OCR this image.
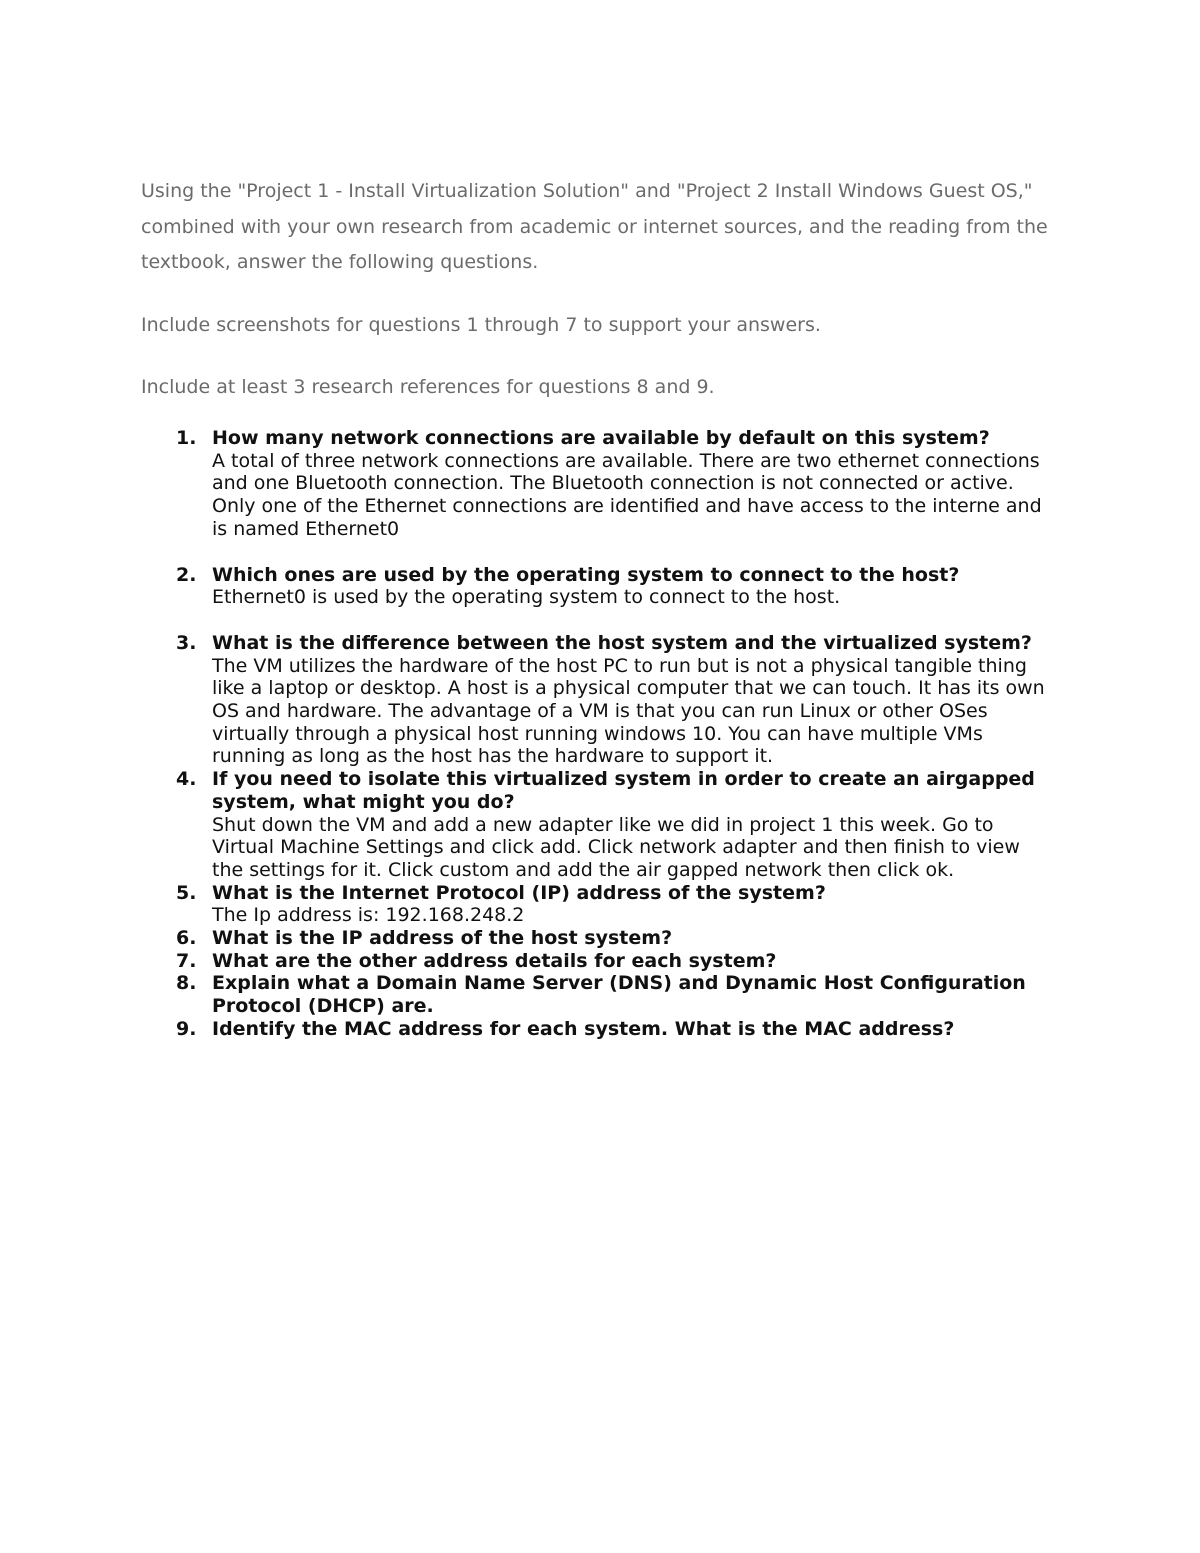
Using the "Project 1 - Install Virtualization Solution" and "Project 2 Install Windows Guest OS," combined with your own research from academic or internet sources, and the reading from the textbook, answer the following questions.

Include screenshots for questions 1 through 7 to support your answers.

Include at least 3 research references for questions 8 and 9.

1. How many network connections are available by default on this system?
A total of three network connections are available. There are two ethernet connections and one Bluetooth connection. The Bluetooth connection is not connected or active. Only one of the Ethernet connections are identified and have access to the interne and is named Ethernet0
2. Which ones are used by the operating system to connect to the host?
Ethernet0 is used by the operating system to connect to the host.
3. What is the difference between the host system and the virtualized system?
The VM utilizes the hardware of the host PC to run but is not a physical tangible thing like a laptop or desktop. A host is a physical computer that we can touch. It has its own OS and hardware. The advantage of a VM is that you can run Linux or other OSes virtually through a physical host running windows 10. You can have multiple VMs running as long as the host has the hardware to support it.
4. If you need to isolate this virtualized system in order to create an airgapped system, what might you do?
Shut down the VM and add a new adapter like we did in project 1 this week. Go to Virtual Machine Settings and click add. Click network adapter and then finish to view the settings for it. Click custom and add the air gapped network then click ok.
5. What is the Internet Protocol (IP) address of the system?
The Ip address is: 192.168.248.2
6. What is the IP address of the host system?
7. What are the other address details for each system?
8. Explain what a Domain Name Server (DNS) and Dynamic Host Configuration Protocol (DHCP) are.
9. Identify the MAC address for each system. What is the MAC address?
